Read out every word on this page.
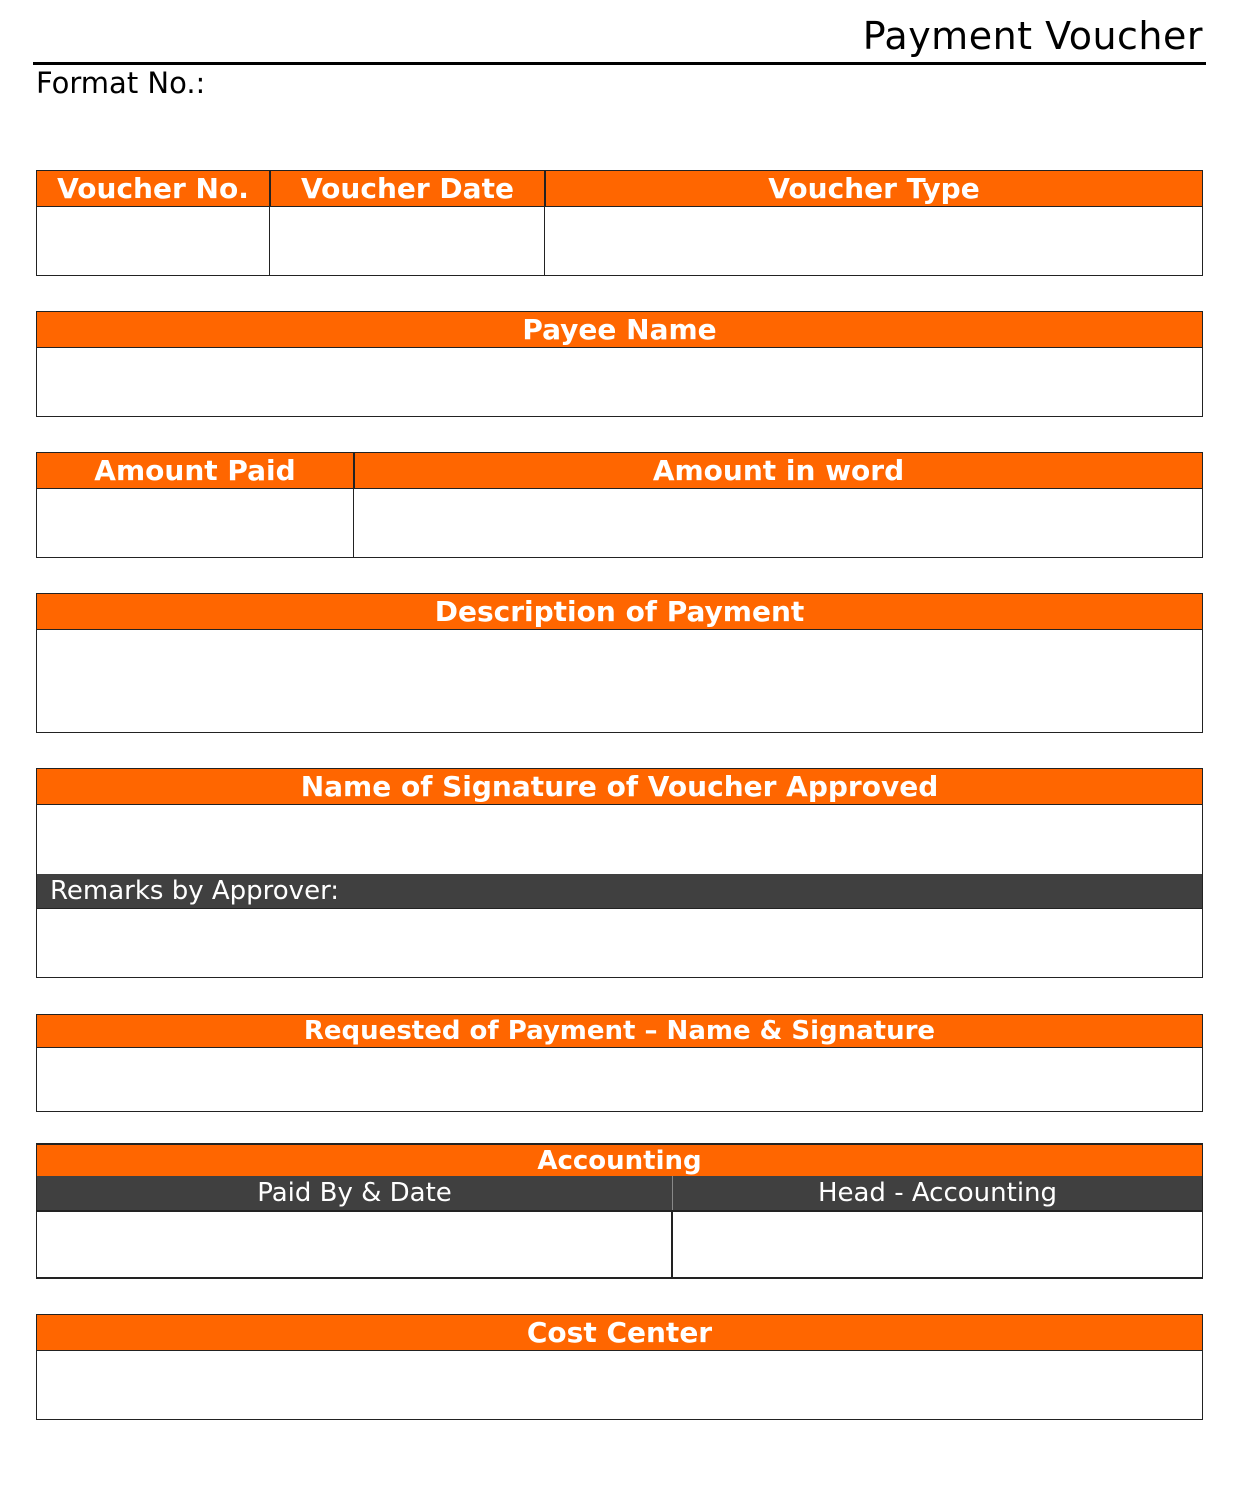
Payment Voucher
Format No.:
Voucher No.	Voucher Date	Voucher Type
Payee Name
Amount Paid	Amount in word
Description of Payment
Name of Signature of Voucher Approved
Remarks by Approver:
Requested of Payment – Name & Signature
Accounting
Paid By & Date	Head - Accounting
Cost Center
